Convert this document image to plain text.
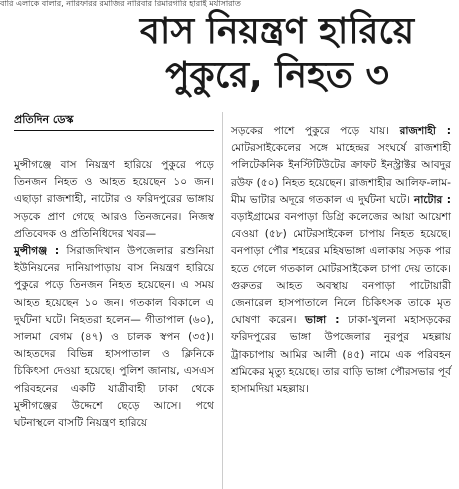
বারি এলাকে বালার, নারিফারর রমাজির নারিবার রিমারগারি হারাই মর্যাসারাত
বাস নিয়ন্ত্রণ হারিয়ে
পুকুরে, নিহত ৩
প্রতিদিন ডেস্ক

মুন্সীগঞ্জে বাস নিয়ন্ত্রণ হারিয়ে পুকুরে পড়ে তিনজন নিহত ও আহত হয়েছেন ১০ জন। এছাড়া রাজশাহী, নাটোর ও ফরিদপুরের ভাঙ্গায় সড়কে প্রাণ গেছে আরও তিনজনের। নিজস্ব প্রতিবেদক ও প্রতিনিধিদের খবর—

মুন্সীগঞ্জ : সিরাজদিখান উপজেলার রশুনিয়া ইউনিয়নের দানিয়াপাড়ায় বাস নিয়ন্ত্রণ হারিয়ে পুকুরে পড়ে তিনজন নিহত হয়েছেন। এ সময় আহত হয়েছেন ১০ জন। গতকাল বিকালে এ দুর্ঘটনা ঘটে। নিহতরা হলেন— গীতাপাল (৬০), সালমা বেগম (৪৭) ও চালক স্বপন (৩৫)। আহতদের বিভিন্ন হাসপাতাল ও ক্লিনিকে চিকিৎসা দেওয়া হয়েছে। পুলিশ জানায়, এসএস পরিবহনের একটি যাত্রীবাহী ঢাকা থেকে মুন্সীগঞ্জের উদ্দেশে ছেড়ে আসে। পথে ঘটনাস্থলে বাসটি নিয়ন্ত্রণ হারিয়ে

সড়কের পাশে পুকুরে পড়ে যায়। রাজশাহী : মোটরসাইকেলের সঙ্গে মাহেন্দ্রর সংঘর্ষে রাজশাহী পলিটেকনিক ইনস্টিটিউটের ক্রাফট ইনস্ট্রাক্টর আবদুর রউফ (৫০) নিহত হয়েছেন। রাজশাহীর আলিফ-লাম-মীম ভাটার অদূরে গতকাল এ দুর্ঘটনা ঘটে। নাটোর : বড়াইগ্রামের বনপাড়া ডিগ্রি কলেজের আয়া আয়েশা বেওয়া (৫৮) মোটরসাইকেল চাপায় নিহত হয়েছে। বনপাড়া পৌর শহরের মহিষভাঙ্গা এলাকায় সড়ক পার হতে গেলে গতকাল মোটরসাইকেল চাপা দেয় তাকে। গুরুতর আহত অবস্থায় বনপাড়া পাটোয়ারী জেনারেল হাসপাতালে নিলে চিকিৎসক তাকে মৃত ঘোষণা করেন। ভাঙ্গা : ঢাকা-খুলনা মহাসড়কের ফরিদপুরের ভাঙ্গা উপজেলার নুরপুর মহল্লায় ট্রাকচাপায় আমির আলী (৪৫) নামে এক পরিবহন শ্রমিকের মৃত্যু হয়েছে। তার বাড়ি ভাঙ্গা পৌরসভার পূর্ব হাসামদিয়া মহল্লায়।
